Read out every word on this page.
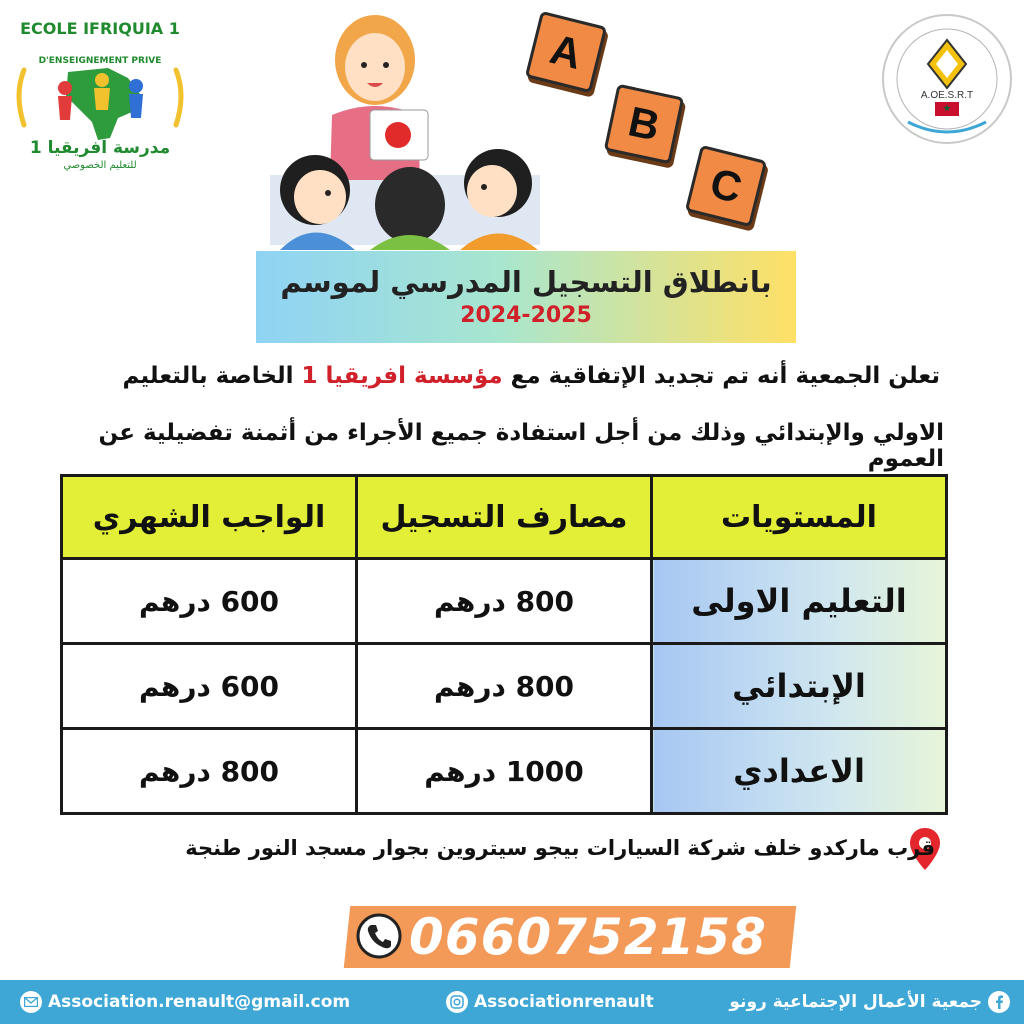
ECOLE IFRIQUIA 1
D'ENSEIGNEMENT PRIVE
مدرسة افريقيا 1
للتعليم الخصوصي
A
B
C
A.OE.S.R.T
بانطلاق التسجيل المدرسي لموسم
2024-2025
تعلن الجمعية أنه تم تجديد الإتفاقية مع مؤسسة افريقيا 1 الخاصة بالتعليم
الاولي والإبتدائي وذلك من أجل استفادة جميع الأجراء من أثمنة تفضيلية عن العموم
المستويات	مصارف التسجيل	الواجب الشهري
التعليم الاولى	800 درهم	600 درهم
الإبتدائي	800 درهم	600 درهم
الاعدادي	1000 درهم	800 درهم
قرب ماركدو خلف شركة السيارات بيجو سيتروين بجوار مسجد النور طنجة
0660752158
Association.renault@gmail.com	Associationrenault	جمعية الأعمال الإجتماعية رونو
